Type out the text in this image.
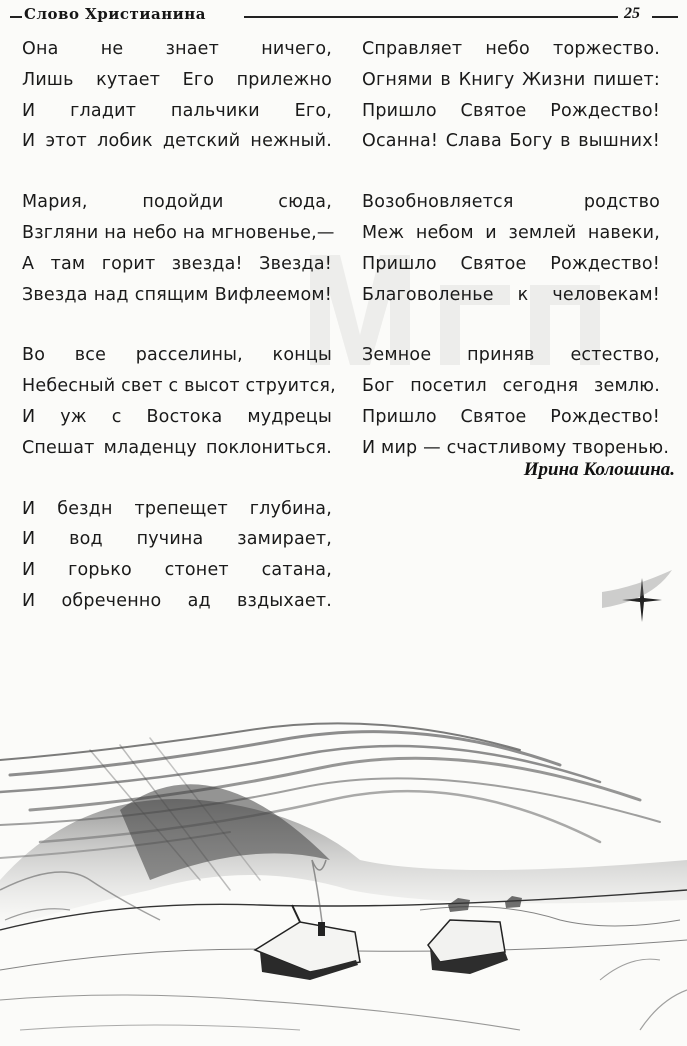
Слово Христианина	25
Она не знает ничего,
Лишь кутает Его прилежно
И гладит пальчики Его,
И этот лобик детский нежный.
Мария, подойди сюда,
Взгляни на небо на мгновенье,—
А там горит звезда! Звезда!
Звезда над спящим Вифлеемом!
Во все расселины, концы
Небесный свет с высот струится,
И уж с Востока мудрецы
Спешат младенцу поклониться.
И бездн трепещет глубина,
И вод пучина замирает,
И горько стонет сатана,
И обреченно ад вздыхает.
Справляет небо торжество.
Огнями в Книгу Жизни пишет:
Пришло Святое Рождество!
Осанна! Слава Богу в вышних!
Возобновляется родство
Меж небом и землей навеки,
Пришло Святое Рождество!
Благоволенье к человекам!
Земное приняв естество,
Бог посетил сегодня землю.
Пришло Святое Рождество!
И мир — счастливому творенью.
Ирина Колошина.
